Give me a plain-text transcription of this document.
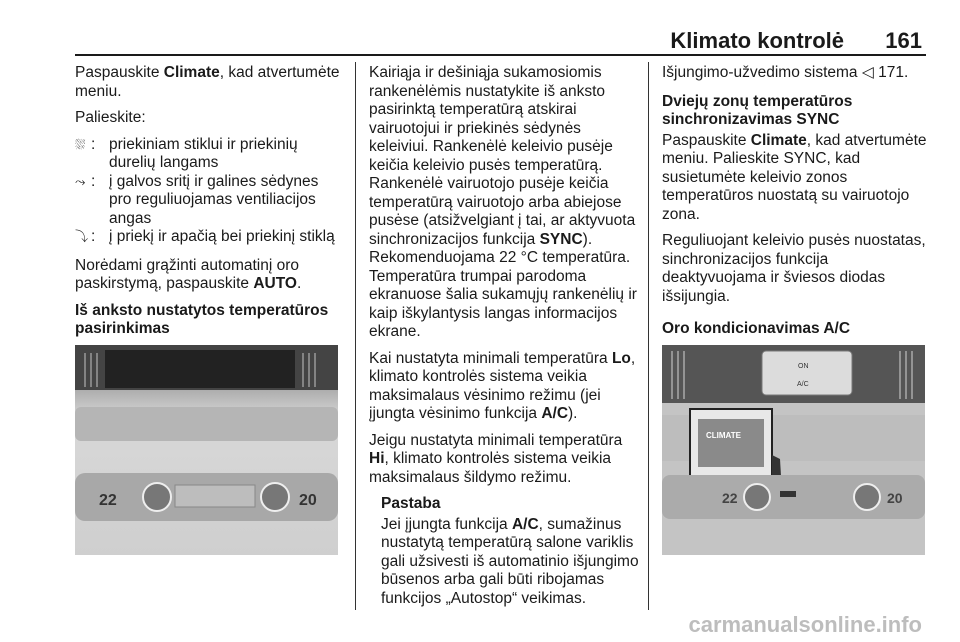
Klimato kontrolė 161

Paspauskite Climate, kad atvertumėte meniu.

Palieskite:

⛆ : priekiniam stiklui ir priekinių durelių langams
⤳ : į galvos sritį ir galines sėdynes pro reguliuojamas ventiliacijos angas
⤵ : į priekį ir apačią bei priekinį stiklą

Norėdami grąžinti automatinį oro paskirstymą, paspauskite AUTO.

Iš anksto nustatytos temperatūros pasirinkimas
22	20

Kairiąja ir dešiniąja sukamosiomis rankenėlėmis nustatykite iš anksto pasirinktą temperatūrą atskirai vairuotojui ir priekinės sėdynės keleiviui. Rankenėlė keleivio pusėje keičia keleivio pusės temperatūrą. Rankenėlė vairuotojo pusėje keičia temperatūrą vairuotojo arba abiejose pusėse (atsižvelgiant į tai, ar aktyvuota sinchronizacijos funkcija SYNC). Rekomenduojama 22 °C temperatūra. Temperatūra trumpai parodoma ekranuose šalia sukamųjų rankenėlių ir kaip iškylantysis langas informacijos ekrane.

Kai nustatyta minimali temperatūra Lo, klimato kontrolės sistema veikia maksimalaus vėsinimo režimu (jei įjungta vėsinimo funkcija A/C).

Jeigu nustatyta minimali temperatūra Hi, klimato kontrolės sistema veikia maksimalaus šildymo režimu.

Pastaba

Jei įjungta funkcija A/C, sumažinus nustatytą temperatūrą salone variklis gali užsivesti iš automatinio išjungimo būsenos arba gali būti ribojamas funkcijos „Autostop“ veikimas.

Išjungimo-užvedimo sistema ◁ 171.

Dviejų zonų temperatūros sinchronizavimas SYNC

Paspauskite Climate, kad atvertumėte meniu. Palieskite SYNC, kad susietumėte keleivio zonos temperatūros nuostatą su vairuotojo zona.

Reguliuojant keleivio pusės nuostatas, sinchronizacijos funkcija deaktyvuojama ir šviesos diodas išsijungia.

Oro kondicionavimas A/C
ON
A/C
CLIMATE
22	20
carmanualsonline.info
